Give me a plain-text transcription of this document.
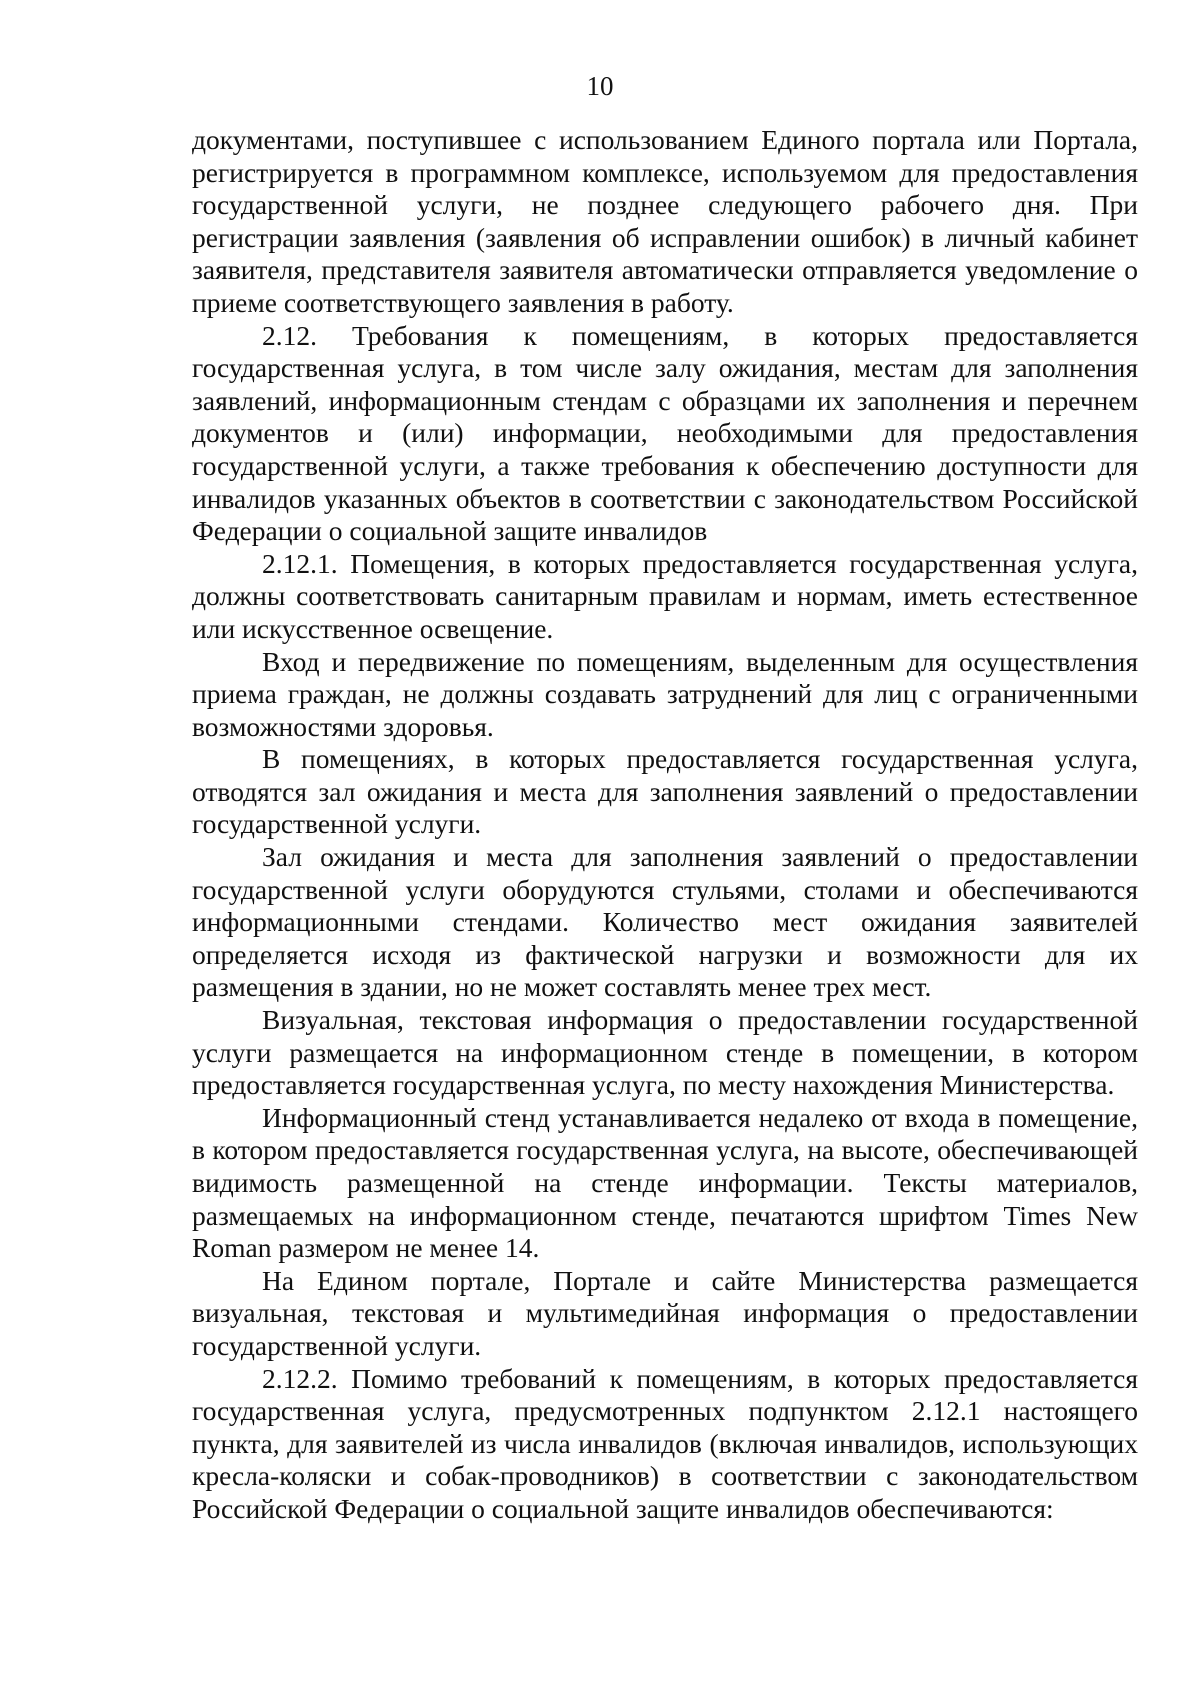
10

документами, поступившее с использованием Единого портала или Портала, регистрируется в программном комплексе, используемом для предоставления государственной услуги, не позднее следующего рабочего дня. При регистрации заявления (заявления об исправлении ошибок) в личный кабинет заявителя, представителя заявителя автоматически отправляется уведомление о приеме соответствующего заявления в работу.

2.12. Требования к помещениям, в которых предоставляется государственная услуга, в том числе залу ожидания, местам для заполнения заявлений, информационным стендам с образцами их заполнения и перечнем документов и (или) информации, необходимыми для предоставления государственной услуги, а также требования к обеспечению доступности для инвалидов указанных объектов в соответствии с законодательством Российской Федерации о социальной защите инвалидов

2.12.1. Помещения, в которых предоставляется государственная услуга, должны соответствовать санитарным правилам и нормам, иметь естественное или искусственное освещение.

Вход и передвижение по помещениям, выделенным для осуществления приема граждан, не должны создавать затруднений для лиц с ограниченными возможностями здоровья.

В помещениях, в которых предоставляется государственная услуга, отводятся зал ожидания и места для заполнения заявлений о предоставлении государственной услуги.

Зал ожидания и места для заполнения заявлений о предоставлении государственной услуги оборудуются стульями, столами и обеспечиваются информационными стендами. Количество мест ожидания заявителей определяется исходя из фактической нагрузки и возможности для их размещения в здании, но не может составлять менее трех мест.

Визуальная, текстовая информация о предоставлении государственной услуги размещается на информационном стенде в помещении, в котором предоставляется государственная услуга, по месту нахождения Министерства.

Информационный стенд устанавливается недалеко от входа в помещение, в котором предоставляется государственная услуга, на высоте, обеспечивающей видимость размещенной на стенде информации. Тексты материалов, размещаемых на информационном стенде, печатаются шрифтом Times New Roman размером не менее 14.

На Едином портале, Портале и сайте Министерства размещается визуальная, текстовая и мультимедийная информация о предоставлении государственной услуги.

2.12.2. Помимо требований к помещениям, в которых предоставляется государственная услуга, предусмотренных подпунктом 2.12.1 настоящего пункта, для заявителей из числа инвалидов (включая инвалидов, использующих кресла-коляски и собак-проводников) в соответствии с законодательством Российской Федерации о социальной защите инвалидов обеспечиваются:
